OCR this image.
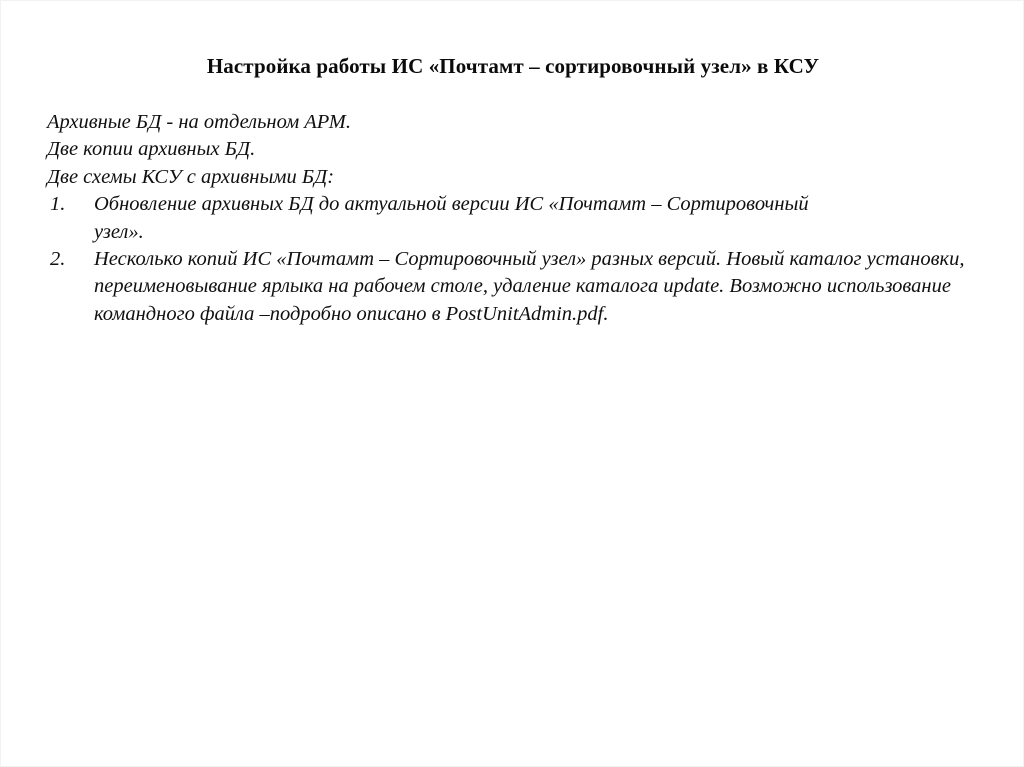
Настройка работы ИС «Почтамт – сортировочный узел» в КСУ
Архивные БД - на отдельном АРМ.
Две копии архивных БД.
Две схемы КСУ с архивными БД:
1.	Обновление архивных БД до актуальной версии ИС «Почтамт – Сортировочный узел».
2.	Несколько копий ИС «Почтамт – Сортировочный узел» разных версий. Новый каталог установки, переименовывание ярлыка на рабочем столе, удаление каталога update. Возможно использование командного файла –подробно описано в PostUnitAdmin.pdf.
